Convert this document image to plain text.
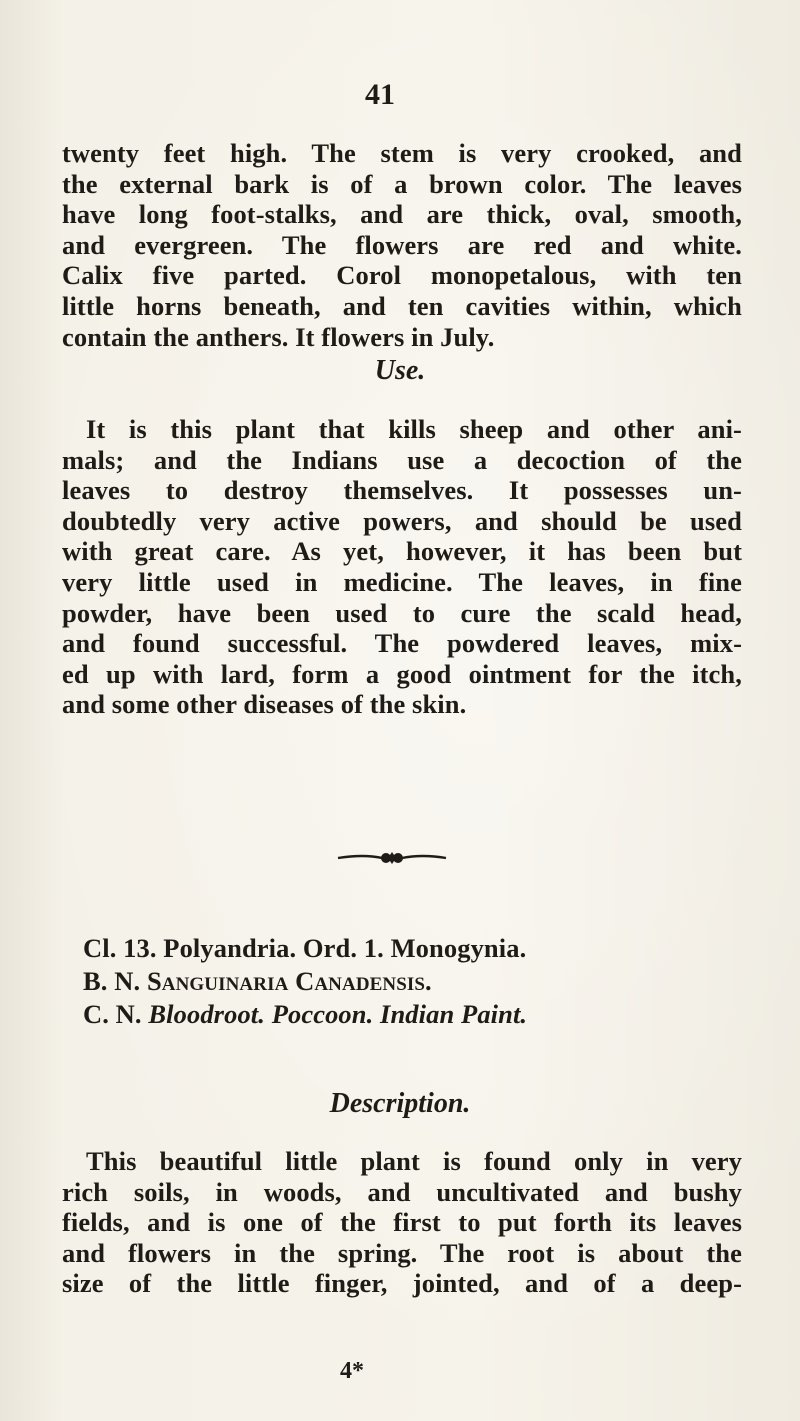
41
twenty feet high. The stem is very crooked, and
the external bark is of a brown color. The leaves
have long foot-stalks, and are thick, oval, smooth,
and evergreen. The flowers are red and white.
Calix five parted. Corol monopetalous, with ten
little horns beneath, and ten cavities within, which
contain the anthers. It flowers in July.
Use.
It is this plant that kills sheep and other ani-
mals; and the Indians use a decoction of the
leaves to destroy themselves. It possesses un-
doubtedly very active powers, and should be used
with great care. As yet, however, it has been but
very little used in medicine. The leaves, in fine
powder, have been used to cure the scald head,
and found successful. The powdered leaves, mix-
ed up with lard, form a good ointment for the itch,
and some other diseases of the skin.
Cl. 13. Polyandria. Ord. 1. Monogynia.
B. N. Sanguinaria Canadensis.
C. N. Bloodroot. Poccoon. Indian Paint.
Description.
This beautiful little plant is found only in very
rich soils, in woods, and uncultivated and bushy
fields, and is one of the first to put forth its leaves
and flowers in the spring. The root is about the
size of the little finger, jointed, and of a deep-
4*
